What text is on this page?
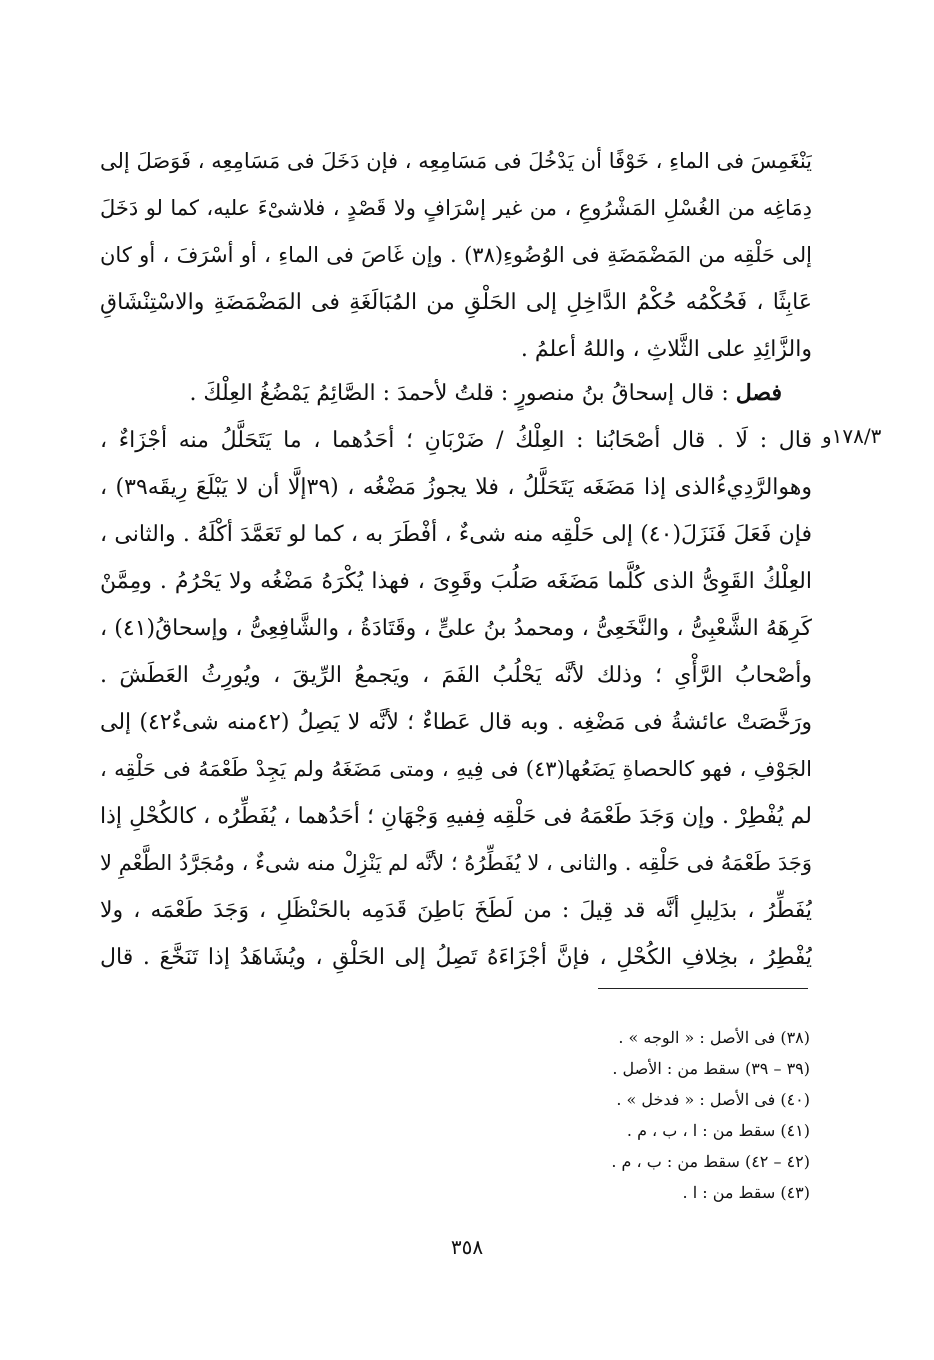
يَنْغَمِسَ فى الماءِ ، خَوْفًا أن يَدْخُلَ فى مَسَامِعِه ، فإن دَخَلَ فى مَسَامِعِه ، فَوَصَلَ إلى
دِمَاغِه من الغُسْلِ المَشْرُوعِ ، من غير إسْرَافٍ ولا قَصْدٍ ، فلاشىْءَ عليه، كما لو دَخَلَ
إلى حَلْقِه من المَضْمَضَةِ فى الوُضُوءِ(٣٨) . وإن غَاصَ فى الماءِ ، أو أسْرَفَ ، أو كان
عَابِثًا ، فَحُكْمُه حُكْمُ الدَّاخِلِ إلى الحَلْقِ من المُبَالَغَةِ فى المَضْمَضَةِ والاسْتِنْشَاقِ
والزَّائِدِ على الثَّلاثِ ، واللهُ أعلمُ .
فصل : قال إسحاقُ بنُ منصورٍ : قلتُ لأحمدَ : الصَّائِمُ يَمْضُغُ العِلْكَ .
قال : لَا . قال أصْحَابُنا : العِلْكُ / ضَرْبَانِ ؛ أحَدُهما ، ما يَتَحَلَّلُ منه أجْزَاءٌ ،
وهوالرَّدِيءُالذى إذا مَضَغَه يَتَحَلَّلُ ، فلا يجوزُ مَضْغُه ، (٣٩إلَّا أن لا يَبْلَعَ رِيقَه٣٩) ،
فإن فَعَلَ فَنَزَلَ(٤٠) إلى حَلْقِه منه شىءٌ ، أفْطَرَ به ، كما لو تَعَمَّدَ أكْلَهُ . والثانى ،
العِلْكُ القَوِىُّ الذى كُلَّما مَضَغَه صَلُبَ وقَوِىَ ، فهذا يُكْرَهُ مَضْغُه ولا يَحْرُمُ . ومِمَّنْ
كَرِهَهُ الشَّعْبِىُّ ، والنَّخَعِىُّ ، ومحمدُ بنُ علىٍّ ، وقَتَادَةُ ، والشَّافِعِىُّ ، وإسحاقُ(٤١) ،
وأصْحابُ الرَّأْىِ ؛ وذلك لأنَّه يَحْلُبُ الفَمَ ، ويَجمعُ الرِّيقَ ، ويُورِثُ العَطَشَ .
ورَخَّصَتْ عائشةُ فى مَضْغِه . وبه قال عَطاءٌ ؛ لأنَّه لا يَصِلُ (٤٢منه شىءٌ٤٢) إلى
الجَوْفِ ، فهو كالحصاةِ يَضَعُها(٤٣) فى فِيهِ ، ومتى مَضَغَهُ ولم يَجِدْ طَعْمَهُ فى حَلْقِه ،
لم يُفْطِرْ . وإن وَجَدَ طَعْمَهُ فى حَلْقِه فِفيهِ وَجْهَانِ ؛ أحَدُهما ، يُفَطِّرُه ، كالكُحْلِ إذا
وَجَدَ طَعْمَهُ فى حَلْقِه . والثانى ، لا يُفَطِّرُهُ ؛ لأنَّه لم يَنْزِلْ منه شىءٌ ، ومُجَرَّدُ الطَّعْمِ لا
يُفَطِّرُ ، بدَلِيلِ أنَّه قد قِيلَ : من لَطَخَ بَاطِنَ قَدَمِه بالحَنْظَلِ ، وَجَدَ طَعْمَه ، ولا
يُفْطِرُ ، بخِلافِ الكُحْلِ ، فإنَّ أجْزَاءَهُ تَصِلُ إلى الحَلْقِ ، ويُشَاهَدُ إذا تَنَخَّعَ . قال
١٧٨/٣و
(٣٨) فى الأصل : « الوجه » .
(٣٩ – ٣٩) سقط من : الأصل .
(٤٠) فى الأصل : « فدخل » .
(٤١) سقط من : ا ، ب ، م .
(٤٢ – ٤٢) سقط من : ب ، م .
(٤٣) سقط من : ا .
٣٥٨
